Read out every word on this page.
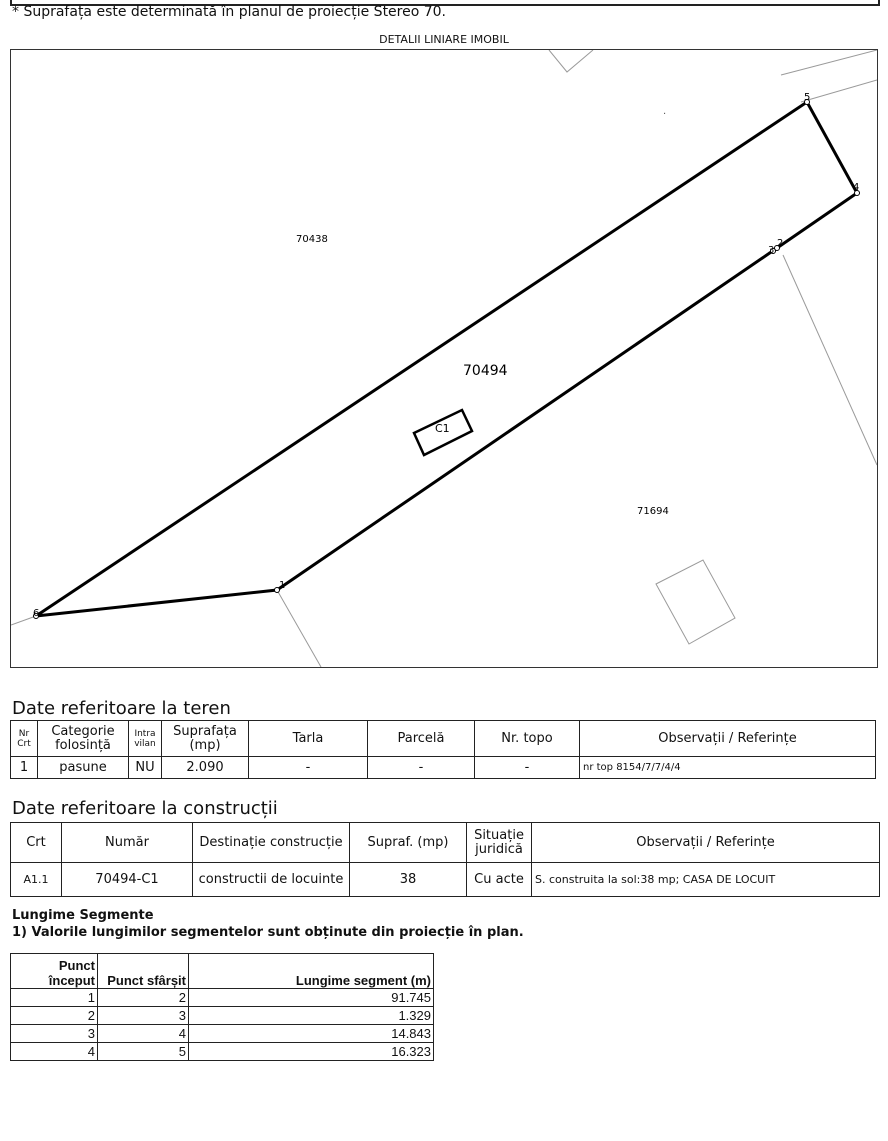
* Suprafața este determinată în planul de proiecție Stereo 70.
DETALII LINIARE IMOBIL
70438
70494
71694
C1
1
2
3
4
5
6
·
Date referitoare la teren
Nr Crt	Categorie folosință	Intra vilan	Suprafața (mp)	Tarla	Parcelă	Nr. topo	Observații / Referințe
1	pasune	NU	2.090	-	-	-	nr top 8154/7/7/4/4
Date referitoare la construcții
Crt	Număr	Destinație construcție	Supraf. (mp)	Situație juridică	Observații / Referințe
A1.1	70494-C1	constructii de locuinte	38	Cu acte	S. construita la sol:38 mp; CASA DE LOCUIT
Lungime Segmente
1) Valorile lungimilor segmentelor sunt obținute din proiecție în plan.
Punct început	Punct sfârșit	Lungime segment (m)
1	2	91.745
2	3	1.329
3	4	14.843
4	5	16.323
